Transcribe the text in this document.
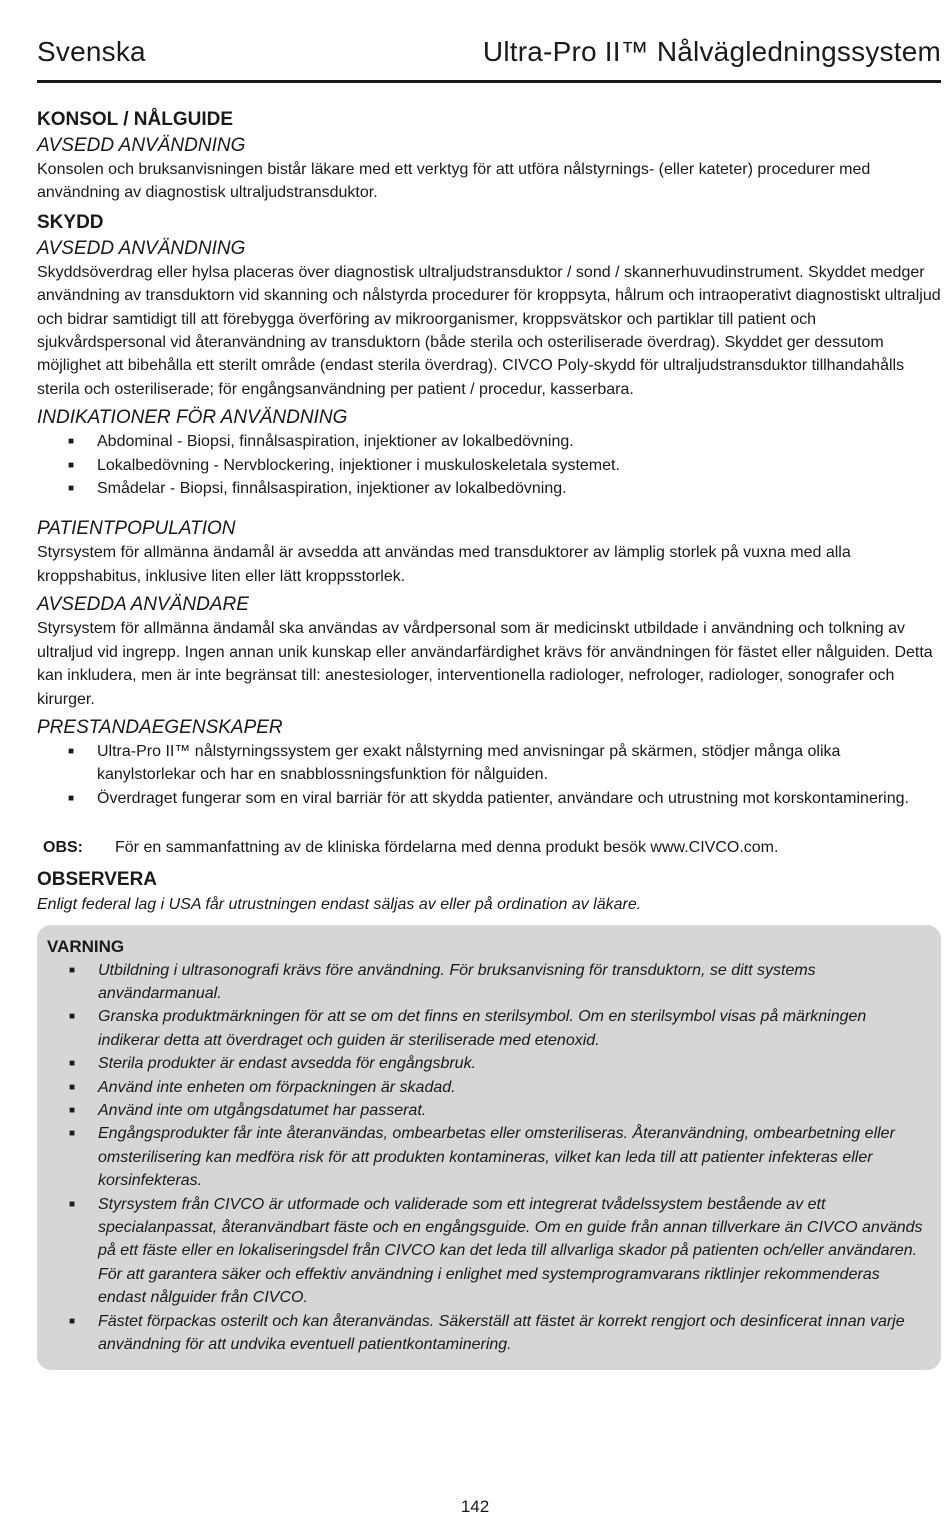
Svenska	Ultra-Pro II™ Nålvägledningssystem
KONSOL / NÅLGUIDE
AVSEDD ANVÄNDNING

Konsolen och bruksanvisningen bistår läkare med ett verktyg för att utföra nålstyrnings- (eller kateter) procedurer med användning av diagnostisk ultraljudstransduktor.

SKYDD
AVSEDD ANVÄNDNING

Skyddsöverdrag eller hylsa placeras över diagnostisk ultraljudstransduktor / sond / skannerhuvudinstrument. Skyddet medger användning av transduktorn vid skanning och nålstyrda procedurer för kroppsyta, hålrum och intraoperativt diagnostiskt ultraljud och bidrar samtidigt till att förebygga överföring av mikroorganismer, kroppsvätskor och partiklar till patient och sjukvårdspersonal vid återanvändning av transduktorn (både sterila och osteriliserade överdrag). Skyddet ger dessutom möjlighet att bibehålla ett sterilt område (endast sterila överdrag). CIVCO Poly-skydd för ultraljudstransduktor tillhandahålls sterila och osteriliserade; för engångsanvändning per patient / procedur, kasserbara.

INDIKATIONER FÖR ANVÄNDNING
■ Abdominal - Biopsi, finnålsaspiration, injektioner av lokalbedövning.
■ Lokalbedövning - Nervblockering, injektioner i muskuloskeletala systemet.
■ Smådelar - Biopsi, finnålsaspiration, injektioner av lokalbedövning.
PATIENTPOPULATION

Styrsystem för allmänna ändamål är avsedda att användas med transduktorer av lämplig storlek på vuxna med alla kroppshabitus, inklusive liten eller lätt kroppsstorlek.

AVSEDDA ANVÄNDARE

Styrsystem för allmänna ändamål ska användas av vårdpersonal som är medicinskt utbildade i användning och tolkning av ultraljud vid ingrepp. Ingen annan unik kunskap eller användarfärdighet krävs för användningen för fästet eller nålguiden. Detta kan inkludera, men är inte begränsat till: anestesiologer, interventionella radiologer, nefrologer, radiologer, sonografer och kirurger.

PRESTANDAEGENSKAPER
■ Ultra-Pro II™ nålstyrningssystem ger exakt nålstyrning med anvisningar på skärmen, stödjer många olika kanylstorlekar och har en snabblossningsfunktion för nålguiden.
■ Överdraget fungerar som en viral barriär för att skydda patienter, användare och utrustning mot korskontaminering.
OBS: För en sammanfattning av de kliniska fördelarna med denna produkt besök www.CIVCO.com.
OBSERVERA

Enligt federal lag i USA får utrustningen endast säljas av eller på ordination av läkare.

VARNING
■ Utbildning i ultrasonografi krävs före användning. För bruksanvisning för transduktorn, se ditt systems användarmanual.
■ Granska produktmärkningen för att se om det finns en sterilsymbol. Om en sterilsymbol visas på märkningen indikerar detta att överdraget och guiden är steriliserade med etenoxid.
■ Sterila produkter är endast avsedda för engångsbruk.
■ Använd inte enheten om förpackningen är skadad.
■ Använd inte om utgångsdatumet har passerat.
■ Engångsprodukter får inte återanvändas, ombearbetas eller omsteriliseras. Återanvändning, ombearbetning eller omsterilisering kan medföra risk för att produkten kontamineras, vilket kan leda till att patienter infekteras eller korsinfekteras.
■ Styrsystem från CIVCO är utformade och validerade som ett integrerat tvådelssystem bestående av ett specialanpassat, återanvändbart fäste och en engångsguide. Om en guide från annan tillverkare än CIVCO används på ett fäste eller en lokaliseringsdel från CIVCO kan det leda till allvarliga skador på patienten och/eller användaren. För att garantera säker och effektiv användning i enlighet med systemprogramvarans riktlinjer rekommenderas endast nålguider från CIVCO.
■ Fästet förpackas osterilt och kan återanvändas. Säkerställ att fästet är korrekt rengjort och desinficerat innan varje användning för att undvika eventuell patientkontaminering.
142
